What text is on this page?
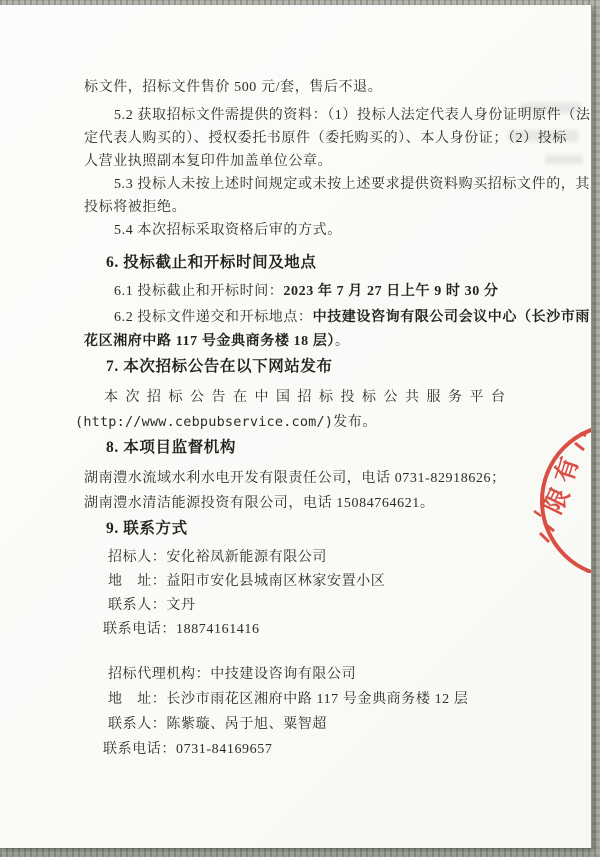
标文件，招标文件售价 500 元/套，售后不退。
5.2 获取招标文件需提供的资料：（1）投标人法定代表人身份证明原件（法
定代表人购买的）、授权委托书原件（委托购买的）、本人身份证；（2）投标
人营业执照副本复印件加盖单位公章。
5.3 投标人未按上述时间规定或未按上述要求提供资料购买招标文件的，其
投标将被拒绝。
5.4 本次招标采取资格后审的方式。
6. 投标截止和开标时间及地点
6.1 投标截止和开标时间：2023 年 7 月 27 日上午 9 时 30 分
6.2 投标文件递交和开标地点：中技建设咨询有限公司会议中心（长沙市雨
花区湘府中路 117 号金典商务楼 18 层）。
7. 本次招标公告在以下网站发布
本次招标公告在中国招标投标公共服务平台
(http://www.cebpubservice.com/)发布。
8. 本项目监督机构
湖南澧水流域水利水电开发有限责任公司，电话 0731-82918626；
湖南澧水清洁能源投资有限公司，电话 15084764621。
9. 联系方式
招标人：安化裕凤新能源有限公司
地　址：益阳市安化县城南区林家安置小区
联系人：文丹
联系电话：18874161416
招标代理机构：中技建设咨询有限公司
地　址：长沙市雨花区湘府中路 117 号金典商务楼 12 层
联系人：陈紫璇、呙于旭、粟智超
联系电话：0731-84169657
有
限
